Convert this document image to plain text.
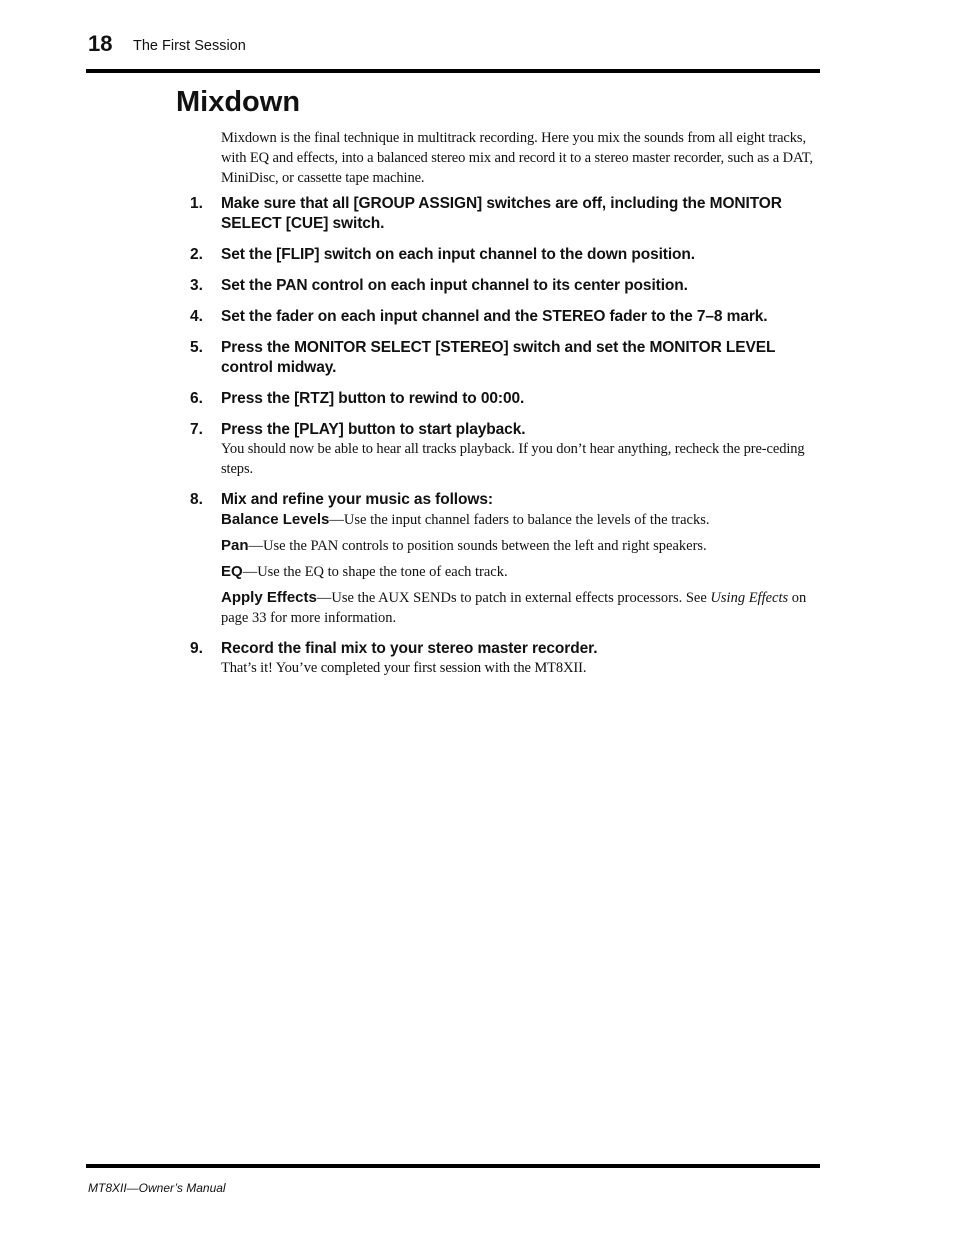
18 The First Session
Mixdown

Mixdown is the final technique in multitrack recording. Here you mix the sounds from all eight tracks, with EQ and effects, into a balanced stereo mix and record it to a stereo master recorder, such as a DAT, MiniDisc, or cassette tape machine.

1. Make sure that all [GROUP ASSIGN] switches are off, including the MONITOR SELECT [CUE] switch.
2. Set the [FLIP] switch on each input channel to the down position.
3. Set the PAN control on each input channel to its center position.
4. Set the fader on each input channel and the STEREO fader to the 7–8 mark.
5. Press the MONITOR SELECT [STEREO] switch and set the MONITOR LEVEL control midway.
6. Press the [RTZ] button to rewind to 00:00.
7. Press the [PLAY] button to start playback.

You should now be able to hear all tracks playback. If you don’t hear anything, recheck the pre-ceding steps.

8. Mix and refine your music as follows:

Balance Levels—Use the input channel faders to balance the levels of the tracks.

Pan—Use the PAN controls to position sounds between the left and right speakers.

EQ—Use the EQ to shape the tone of each track.

Apply Effects—Use the AUX SENDs to patch in external effects processors. See Using Effects on page 33 for more information.

9. Record the final mix to your stereo master recorder.

That’s it! You’ve completed your first session with the MT8XII.

MT8XII—Owner’s Manual
